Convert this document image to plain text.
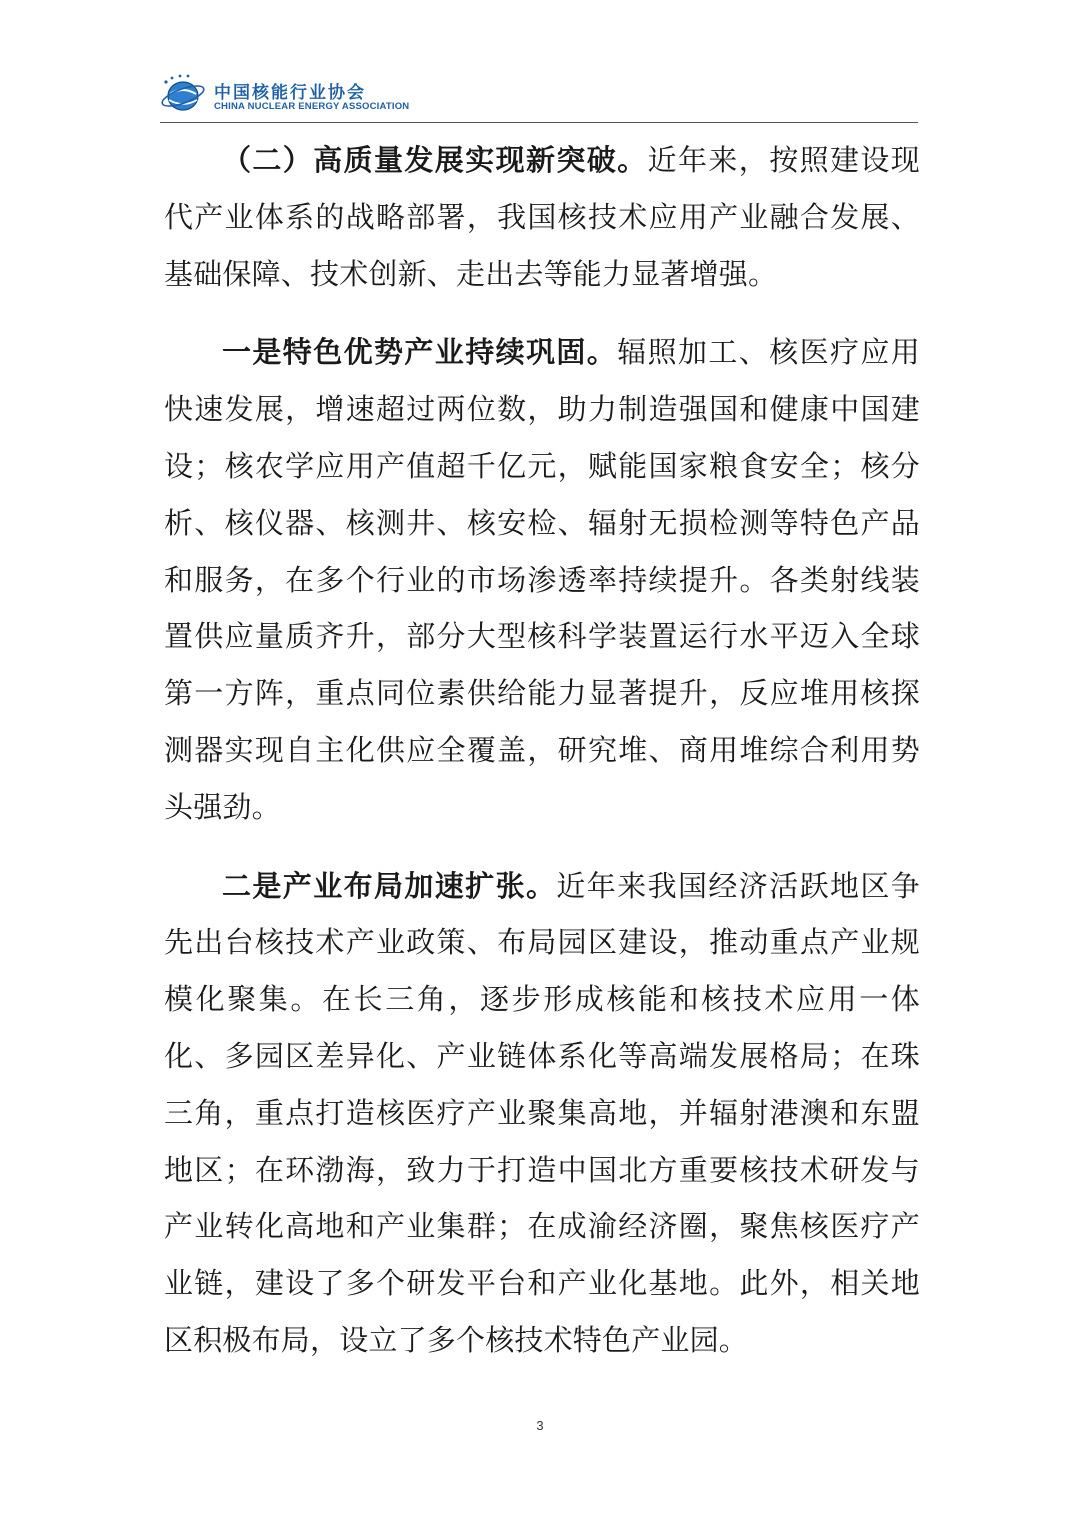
中国核能行业协会
CHINA NUCLEAR ENERGY ASSOCIATION

（二）高质量发展实现新突破。近年来，按照建设现代产业体系的战略部署，我国核技术应用产业融合发展、基础保障、技术创新、走出去等能力显著增强。

一是特色优势产业持续巩固。辐照加工、核医疗应用快速发展，增速超过两位数，助力制造强国和健康中国建设；核农学应用产值超千亿元，赋能国家粮食安全；核分析、核仪器、核测井、核安检、辐射无损检测等特色产品和服务，在多个行业的市场渗透率持续提升。各类射线装置供应量质齐升，部分大型核科学装置运行水平迈入全球第一方阵，重点同位素供给能力显著提升，反应堆用核探测器实现自主化供应全覆盖，研究堆、商用堆综合利用势头强劲。

二是产业布局加速扩张。近年来我国经济活跃地区争先出台核技术产业政策、布局园区建设，推动重点产业规模化聚集。在长三角，逐步形成核能和核技术应用一体化、多园区差异化、产业链体系化等高端发展格局；在珠三角，重点打造核医疗产业聚集高地，并辐射港澳和东盟地区；在环渤海，致力于打造中国北方重要核技术研发与产业转化高地和产业集群；在成渝经济圈，聚焦核医疗产业链，建设了多个研发平台和产业化基地。此外，相关地区积极布局，设立了多个核技术特色产业园。

3
